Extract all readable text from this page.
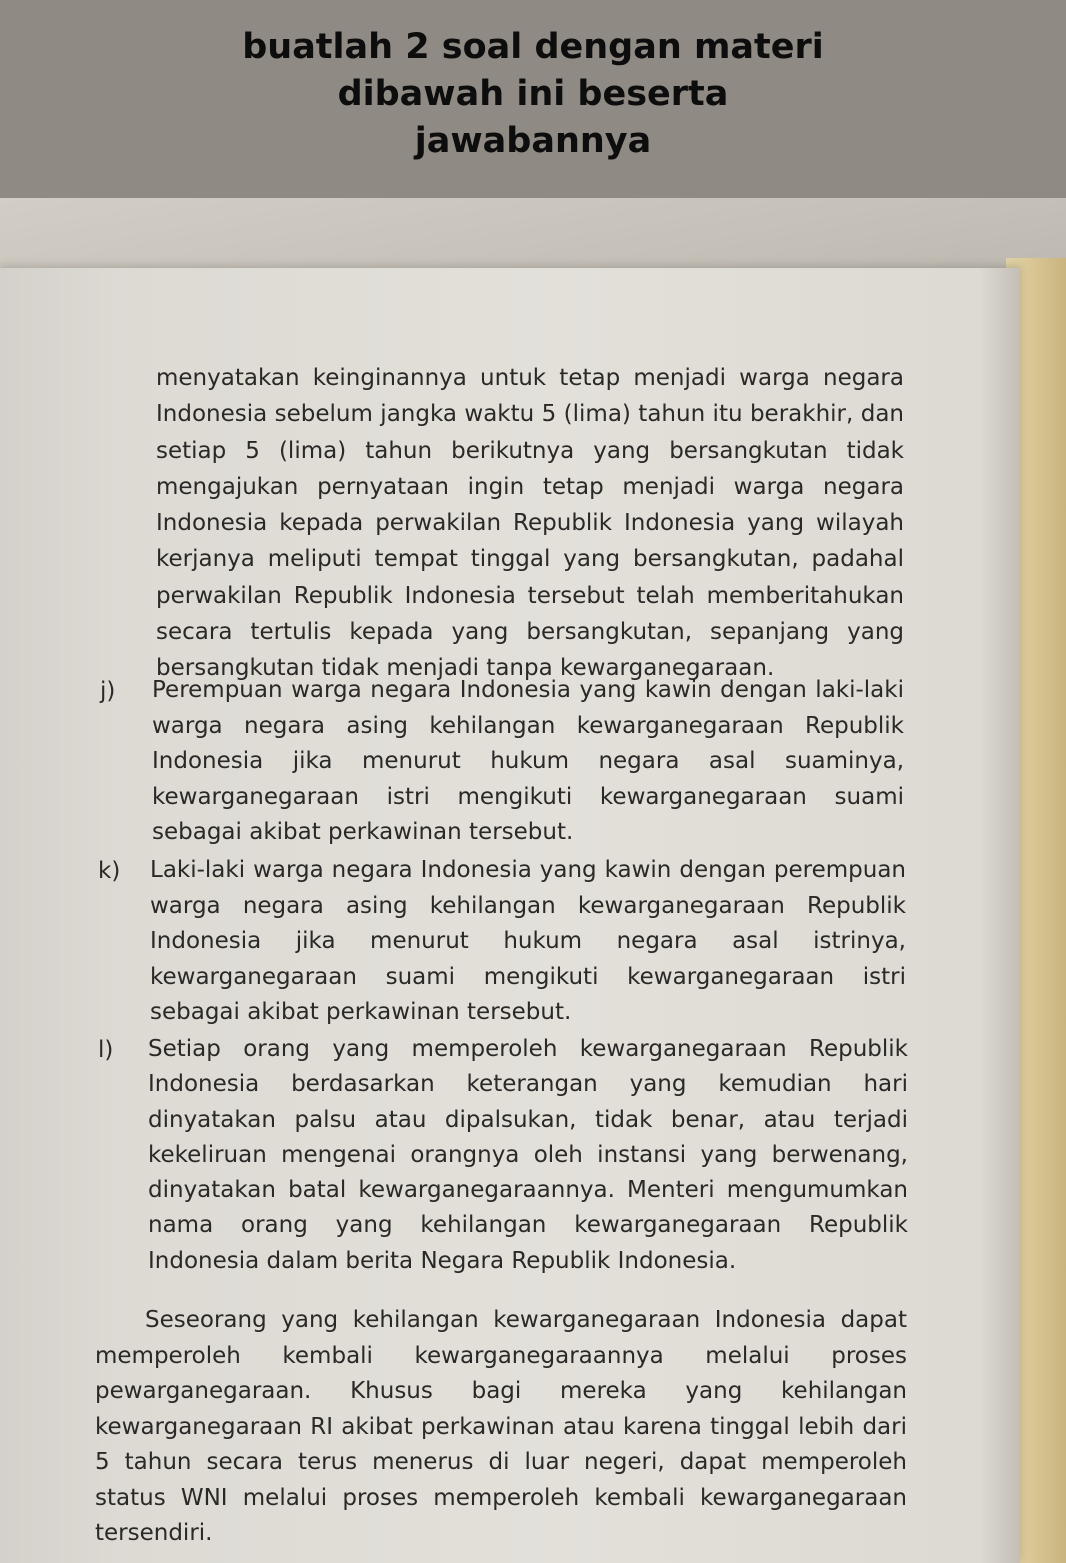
buatlah 2 soal dengan materi dibawah ini beserta jawabannya

menyatakan keinginannya untuk tetap menjadi warga negara Indonesia sebelum jangka waktu 5 (lima) tahun itu berakhir, dan setiap 5 (lima) tahun berikutnya yang bersangkutan tidak mengajukan pernyataan ingin tetap menjadi warga negara Indonesia kepada perwakilan Republik Indonesia yang wilayah kerjanya meliputi tempat tinggal yang bersangkutan, padahal perwakilan Republik Indonesia tersebut telah memberitahukan secara tertulis kepada yang bersangkutan, sepanjang yang bersangkutan tidak menjadi tanpa kewarganegaraan.

j) Perempuan warga negara Indonesia yang kawin dengan laki-laki warga negara asing kehilangan kewarganegaraan Republik Indonesia jika menurut hukum negara asal suaminya, kewarganegaraan istri mengikuti kewarganegaraan suami sebagai akibat perkawinan tersebut.

k) Laki-laki warga negara Indonesia yang kawin dengan perempuan warga negara asing kehilangan kewarganegaraan Republik Indonesia jika menurut hukum negara asal istrinya, kewarganegaraan suami mengikuti kewarganegaraan istri sebagai akibat perkawinan tersebut.

l) Setiap orang yang memperoleh kewarganegaraan Republik Indonesia berdasarkan keterangan yang kemudian hari dinyatakan palsu atau dipalsukan, tidak benar, atau terjadi kekeliruan mengenai orangnya oleh instansi yang berwenang, dinyatakan batal kewarganegaraannya. Menteri mengumumkan nama orang yang kehilangan kewarganegaraan Republik Indonesia dalam berita Negara Republik Indonesia.

Seseorang yang kehilangan kewarganegaraan Indonesia dapat memperoleh kembali kewarganegaraannya melalui proses pewarganegaraan. Khusus bagi mereka yang kehilangan kewarganegaraan RI akibat perkawinan atau karena tinggal lebih dari 5 tahun secara terus menerus di luar negeri, dapat memperoleh status WNI melalui proses memperoleh kembali kewarganegaraan tersendiri.
